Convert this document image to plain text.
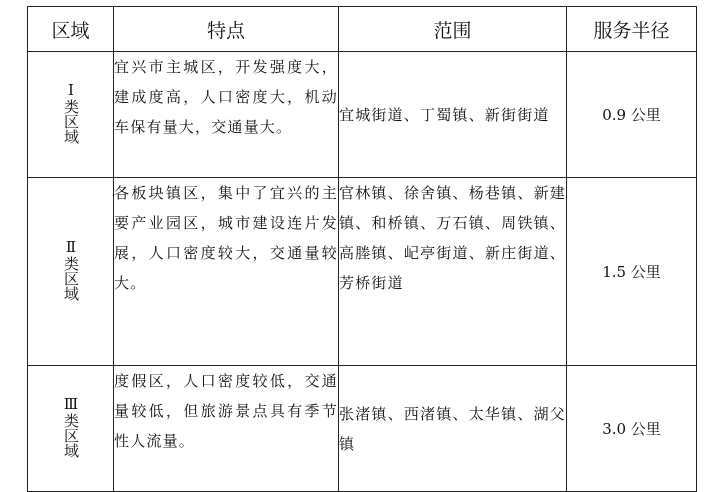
区域	特点	范围	服务半径
Ⅰ类区域	宜兴市主城区，开发强度大，建成度高，人口密度大，机动车保有量大，交通量大。	宜城街道、丁蜀镇、新街街道	0.9 公里
Ⅱ类区域	各板块镇区，集中了宜兴的主要产业园区，城市建设连片发展，人口密度较大，交通量较大。	官林镇、徐舍镇、杨巷镇、新建镇、和桥镇、万石镇、周铁镇、高塍镇、屺亭街道、新庄街道、芳桥街道	1.5 公里
Ⅲ类区域	度假区，人口密度较低，交通量较低，但旅游景点具有季节性人流量。	张渚镇、西渚镇、太华镇、湖父镇	3.0 公里
